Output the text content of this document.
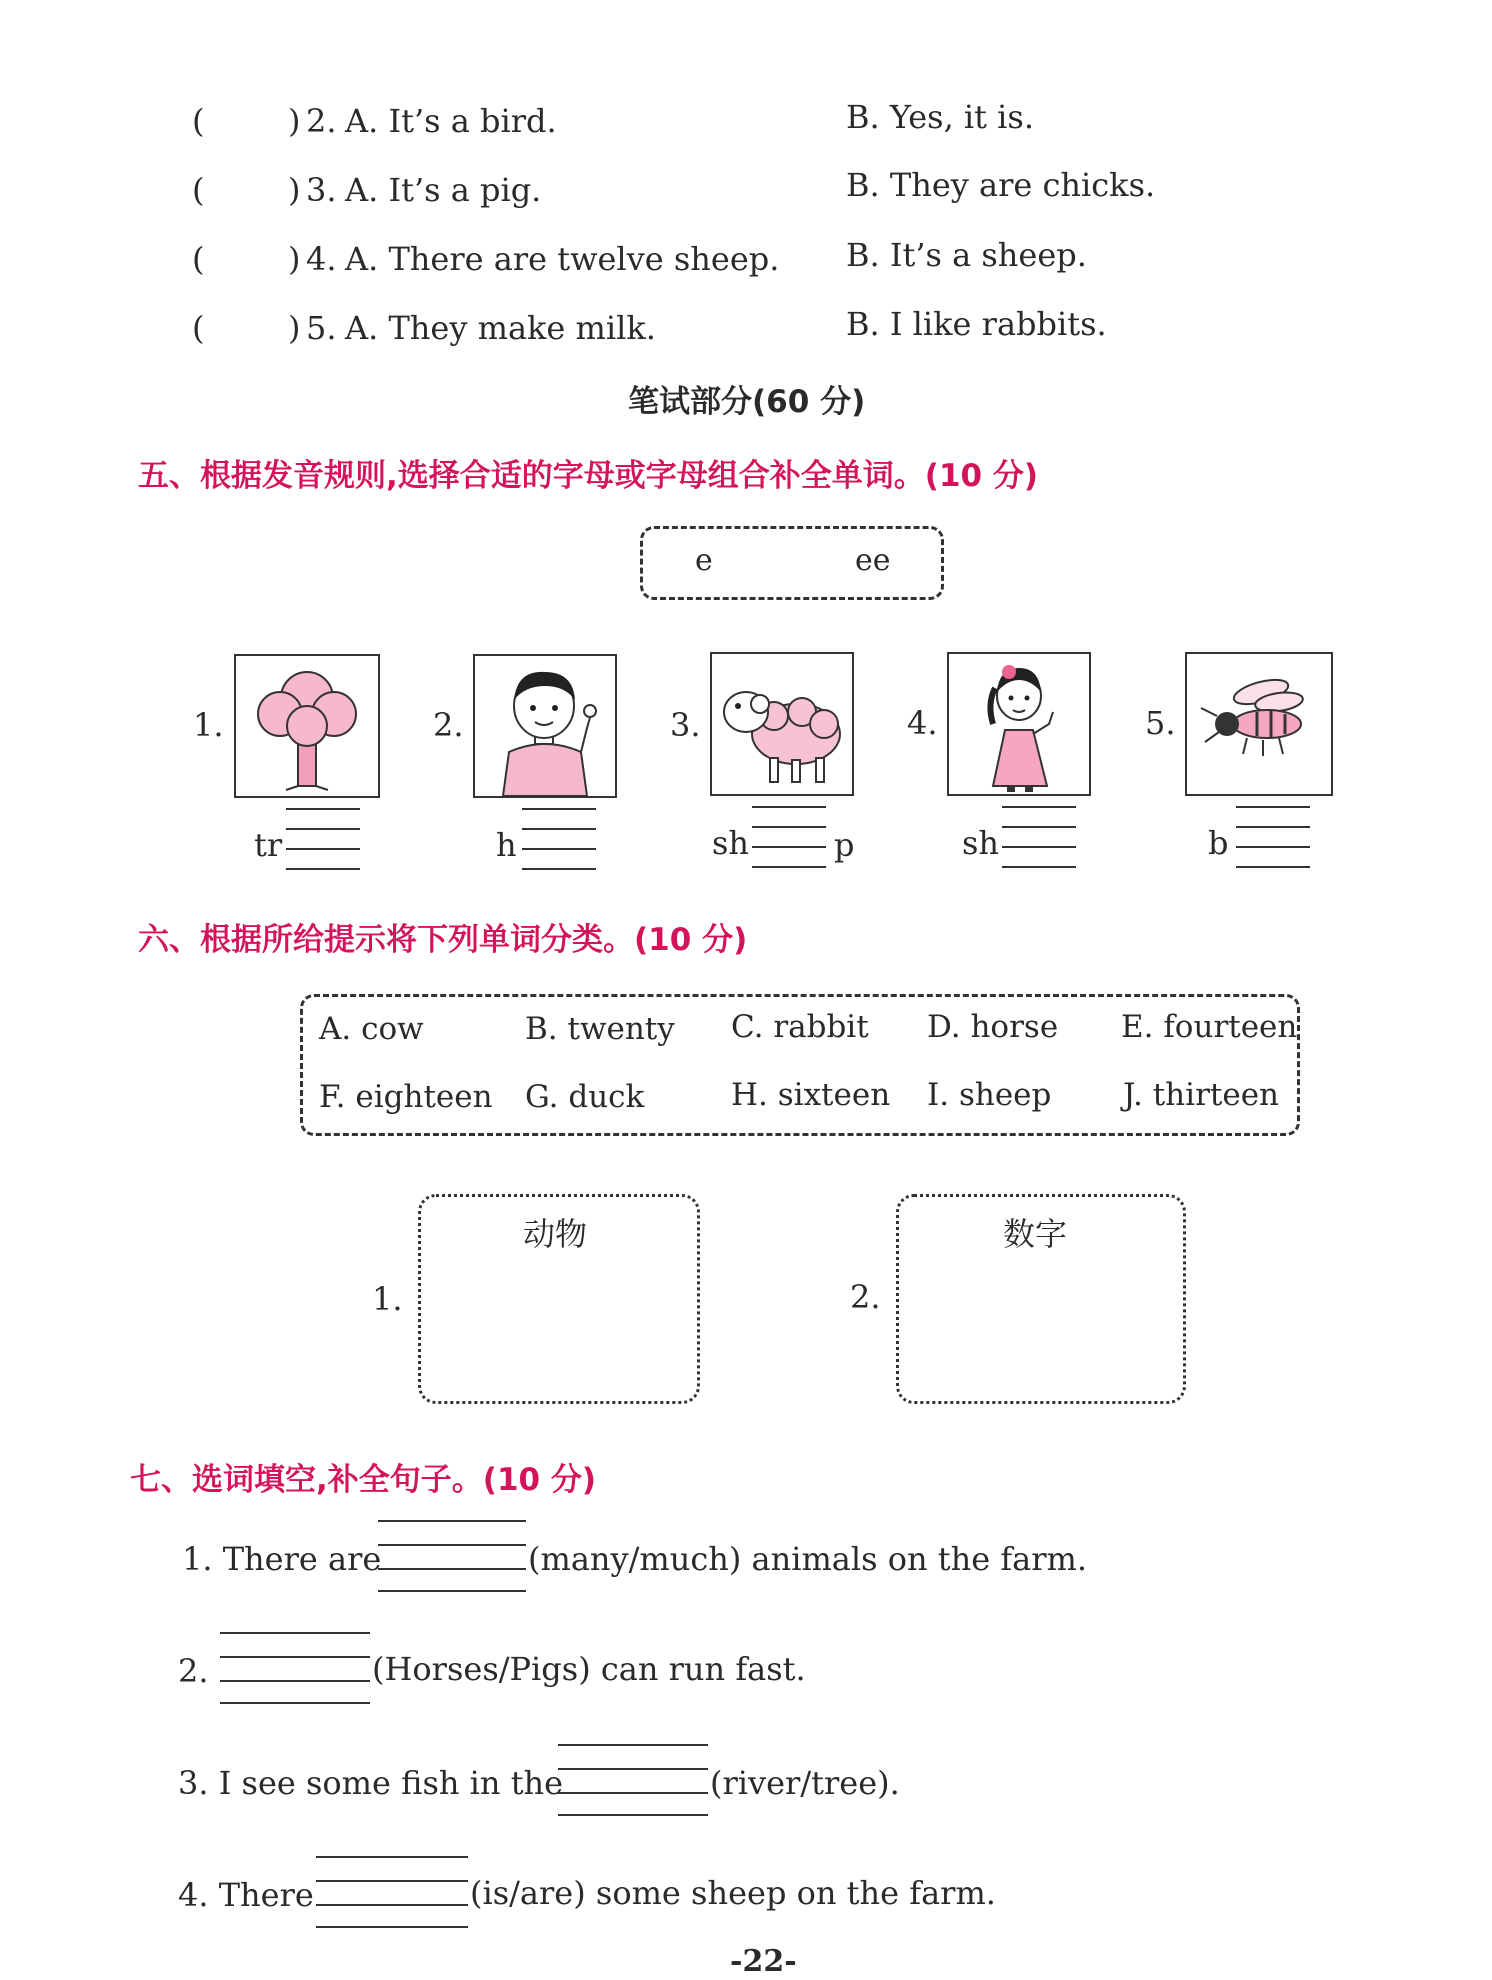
(	) 2. A. It’s a bird.	B. Yes, it is.
(	) 3. A. It’s a pig.	B. They are chicks.
(	) 4. A. There are twelve sheep. B. It’s a sheep.
(	) 5. A. They make milk.	B. I like rabbits.
笔试部分(60 分)
五、根据发音规则,选择合适的字母或字母组合补全单词。(10 分)
e	ee
1.
tr
2.
h
3.
sh	p
4.
sh
5.
b
六、根据所给提示将下列单词分类。(10 分)
A. cow	B. twenty C. rabbit D. horse E. fourteen
F. eighteen G. duck	H. sixteen I. sheep J. thirteen
1.
动物
2.
数字
七、选词填空,补全句子。(10 分)
1. There are	(many/much) animals on the farm.
2.	(Horses/Pigs) can run fast.
3. I see some fish in the	(river/tree).
4. There	(is/are) some sheep on the farm.
-22-
